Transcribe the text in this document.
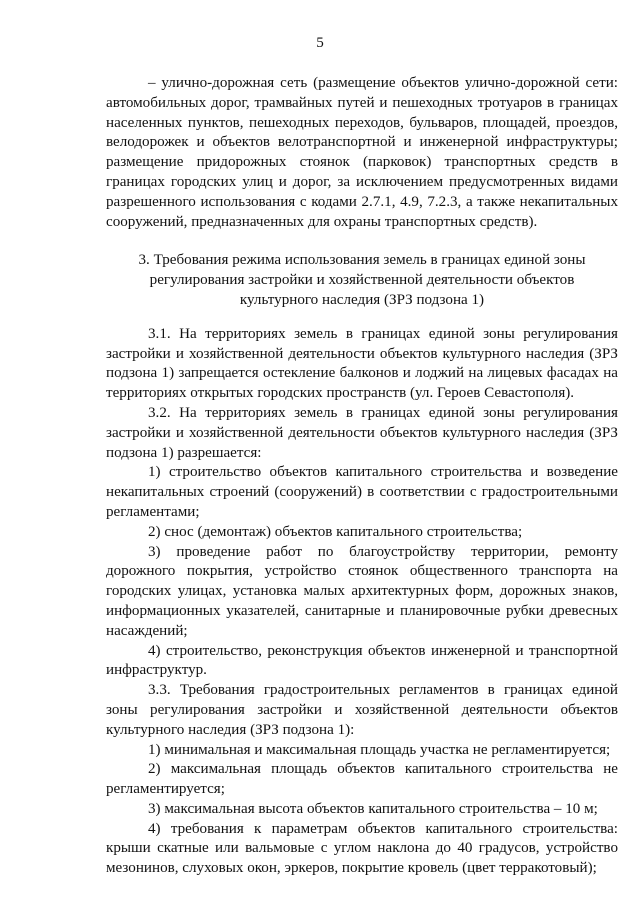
5

– улично-дорожная сеть (размещение объектов улично-дорожной сети: автомобильных дорог, трамвайных путей и пешеходных тротуаров в границах населенных пунктов, пешеходных переходов, бульваров, площадей, проездов, велодорожек и объектов велотранспортной и инженерной инфраструктуры; размещение придорожных стоянок (парковок) транспортных средств в границах городских улиц и дорог, за исключением предусмотренных видами разрешенного использования с кодами 2.7.1, 4.9, 7.2.3, а также некапитальных сооружений, предназначенных для охраны транспортных средств).

3. Требования режима использования земель в границах единой зоны регулирования застройки и хозяйственной деятельности объектов культурного наследия (ЗРЗ подзона 1)

3.1. На территориях земель в границах единой зоны регулирования застройки и хозяйственной деятельности объектов культурного наследия (ЗРЗ подзона 1) запрещается остекление балконов и лоджий на лицевых фасадах на территориях открытых городских пространств (ул. Героев Севастополя).

3.2. На территориях земель в границах единой зоны регулирования застройки и хозяйственной деятельности объектов культурного наследия (ЗРЗ подзона 1) разрешается:

1) строительство объектов капитального строительства и возведение некапитальных строений (сооружений) в соответствии с градостроительными регламентами;

2) снос (демонтаж) объектов капитального строительства;

3) проведение работ по благоустройству территории, ремонту дорожного покрытия, устройство стоянок общественного транспорта на городских улицах, установка малых архитектурных форм, дорожных знаков, информационных указателей, санитарные и планировочные рубки древесных насаждений;

4) строительство, реконструкция объектов инженерной и транспортной инфраструктур.

3.3. Требования градостроительных регламентов в границах единой зоны регулирования застройки и хозяйственной деятельности объектов культурного наследия (ЗРЗ подзона 1):

1) минимальная и максимальная площадь участка не регламентируется;

2) максимальная площадь объектов капитального строительства не регламентируется;

3) максимальная высота объектов капитального строительства – 10 м;

4) требования к параметрам объектов капитального строительства: крыши скатные или вальмовые с углом наклона до 40 градусов, устройство мезонинов, слуховых окон, эркеров, покрытие кровель (цвет терракотовый);
